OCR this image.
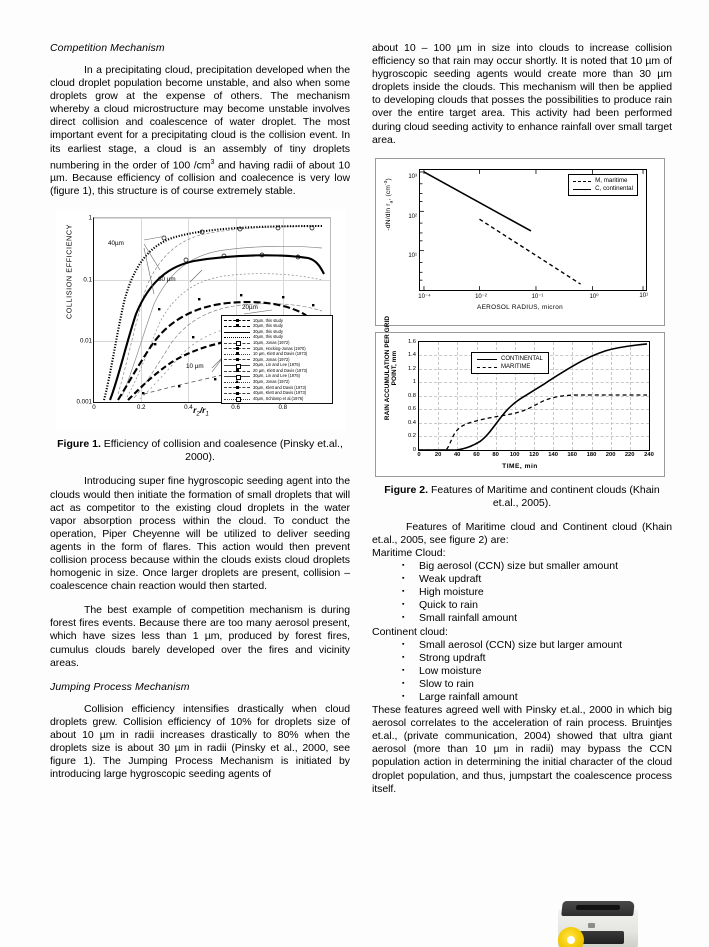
Competition Mechanism

In a precipitating cloud, precipitation developed when the cloud droplet population become unstable, and also when some droplets grow at the expense of others. The mechanism whereby a cloud microstructure may become unstable involves direct collision and coalescence of water droplet. The most important event for a precipitating cloud is the collision event. In its earliest stage, a cloud is an assembly of tiny droplets numbering in the order of 100 $/cm^3$ and having radii of about 10 µm. Because efficiency of collision and coalecence is very low (figure 1), this structure is of course extremely stable.

COLLISION EFFICIENCY
1
0.1
0.01
0.001
0	0.2	0.4	0.6	0.8
40µm
30 µm
20µm
10 µm
10µm, this study
20µm, this study
30µm, this study
40µm, this study
10µm, Jonas (1972)
10µm, Hocking-Jonas (1970)
10 µm, Klett and Davis (1973)
20µm, Jonas (1972)
20µm, Lin and Lee (1975)
20 µm, Klett and Davis (1973)
30µm, Lin and Lee (1975)
30µm, Jonas (1972)
30µm, Klett and Davis (1973)
40µm, Klett and Davis (1973)
40µm, Schlamp et al.(1976)
$r_2/r_1$
Figure 1. Efficiency of collision and coalesence (Pinsky et.al., 2000).

Introducing super fine hygroscopic seeding agent into the clouds would then initiate the formation of small droplets that will act as competitor to the existing cloud droplets in the water vapor absorption process within the cloud. To conduct the operation, Piper Cheyenne will be utilized to deliver seeding agents in the form of flares. This action would then prevent collision process because within the clouds exists cloud droplets homogenic in size. Once larger droplets are present, collision – coalescence chain reaction would then started.

The best example of competition mechanism is during forest fires events. Because there are too many aerosol present, which have sizes less than 1 µm, produced by forest fires, cumulus clouds barely developed over the fires and vicinity areas.

Jumping Process Mechanism

Collision efficiency intensifies drastically when cloud droplets grew. Collision efficiency of 10% for droplets size of about 10 µm in radii increases drastically to 80% when the droplets size is about 30 µm in radii (Pinsky et al., 2000, see figure 1). The Jumping Process Mechanism is initiated by introducing large hygroscopic seeding agents of

about 10 – 100 µm in size into clouds to increase collision efficiency so that rain may occur shortly. It is noted that 10 µm of hygroscopic seeding agents would create more than 30 µm droplets inside the clouds. This mechanism will then be applied to developing clouds that posses the possibilities to produce rain over the entire target area. This activity had been performed during cloud seeding activity to enhance rainfall over small target area.

-dN/dln $r_a$, $(cm^{-3})$	10³
10²
10¹
10⁻⁴	10⁻²	10⁻¹	10⁰	10¹
M, maritime
C, continental
AEROSOL RADIUS, micron
RAIN ACCUMULATION PER GRID POINT, mm
0
0.2
0.4
0.6
0.8
1
1.2
1.4
1.6
0 20 40 60 80 100 120 140 160 180 200 220 240
CONTINENTAL
MARITIME
TIME, min
Figure 2. Features of Maritime and continent clouds (Khain et.al., 2005).

Features of Maritime cloud and Continent cloud (Khain et.al., 2005, see figure 2) are:

Maritime Cloud:
▪ Big aerosol (CCN) size but smaller amount
▪ Weak updraft
▪ High moisture
▪ Quick to rain
▪ Small rainfall amount
Continent cloud:
▪ Small aerosol (CCN) size but larger amount
▪ Strong updraft
▪ Low moisture
▪ Slow to rain
▪ Large rainfall amount

These features agreed well with Pinsky et.al., 2000 in which big aerosol correlates to the acceleration of rain process. Bruintjes et.al., (private communication, 2004) showed that ultra giant aerosol (more than 10 µm in radii) may bypass the CCN population action in determining the initial character of the cloud droplet population, and thus, jumpstart the coalescence process itself.
